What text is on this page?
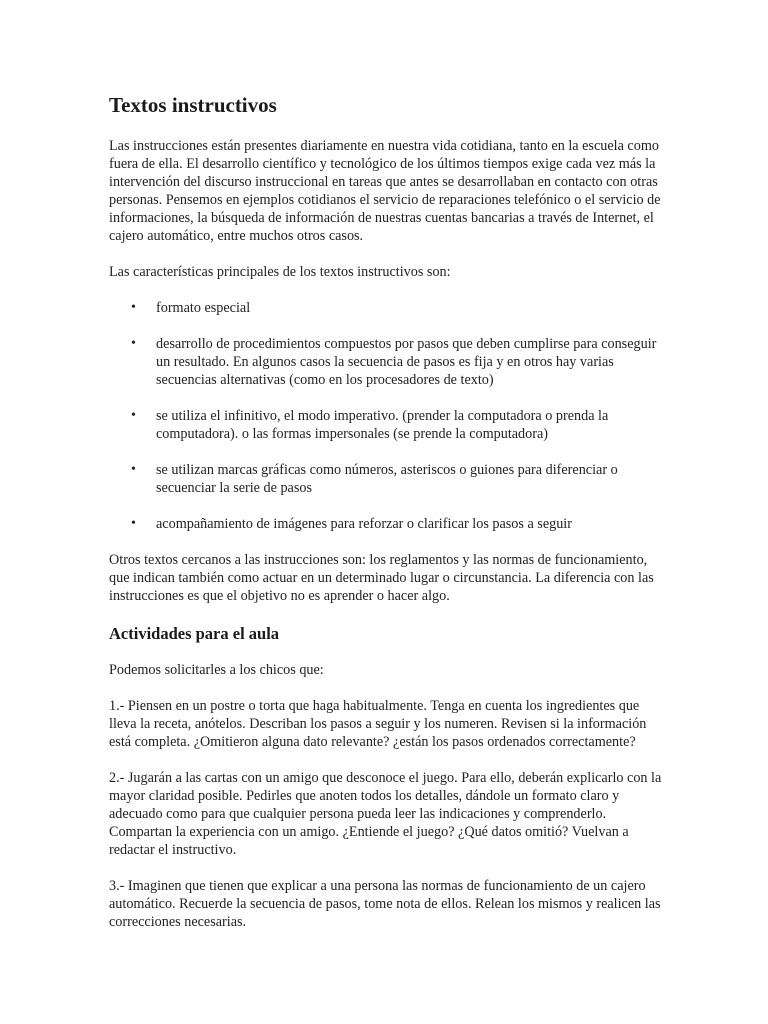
Textos instructivos

Las instrucciones están presentes diariamente en nuestra vida cotidiana, tanto en la escuela como fuera de ella. El desarrollo científico y tecnológico de los últimos tiempos exige cada vez más la intervención del discurso instruccional en tareas que antes se desarrollaban en contacto con otras personas. Pensemos en ejemplos cotidianos el servicio de reparaciones telefónico o el servicio de informaciones, la búsqueda de información de nuestras cuentas bancarias a través de Internet, el cajero automático, entre muchos otros casos.

Las características principales de los textos instructivos son:

• formato especial
• desarrollo de procedimientos compuestos por pasos que deben cumplirse para conseguir un resultado. En algunos casos la secuencia de pasos es fija y en otros hay varias secuencias alternativas (como en los procesadores de texto)
• se utiliza el infinitivo, el modo imperativo. (prender la computadora o prenda la computadora). o las formas impersonales (se prende la computadora)
• se utilizan marcas gráficas como números, asteriscos o guiones para diferenciar o secuenciar la serie de pasos
• acompañamiento de imágenes para reforzar o clarificar los pasos a seguir

Otros textos cercanos a las instrucciones son: los reglamentos y las normas de funcionamiento, que indican también como actuar en un determinado lugar o circunstancia. La diferencia con las instrucciones es que el objetivo no es aprender o hacer algo.

Actividades para el aula

Podemos solicitarles a los chicos que:

1.- Piensen en un postre o torta que haga habitualmente. Tenga en cuenta los ingredientes que lleva la receta, anótelos. Describan los pasos a seguir y los numeren. Revisen si la información está completa. ¿Omitieron alguna dato relevante? ¿están los pasos ordenados correctamente?

2.- Jugarán a las cartas con un amigo que desconoce el juego. Para ello, deberán explicarlo con la mayor claridad posible. Pedirles que anoten todos los detalles, dándole un formato claro y adecuado como para que cualquier persona pueda leer las indicaciones y comprenderlo. Compartan la experiencia con un amigo. ¿Entiende el juego? ¿Qué datos omitió? Vuelvan a redactar el instructivo.

3.- Imaginen que tienen que explicar a una persona las normas de funcionamiento de un cajero automático. Recuerde la secuencia de pasos, tome nota de ellos. Relean los mismos y realicen las correcciones necesarias.
